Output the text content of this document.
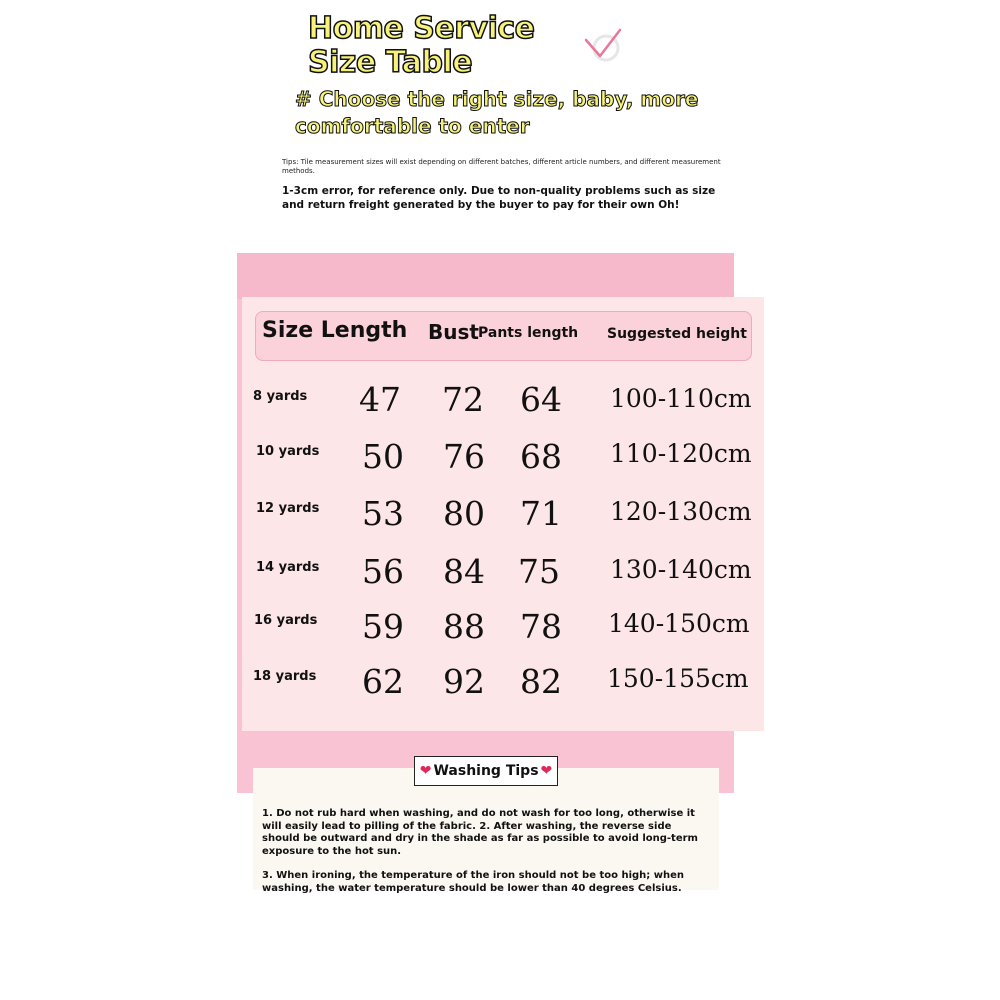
Home Service Size Table
# Choose the right size, baby, more comfortable to enter
Tips: Tile measurement sizes will exist depending on different batches, different article numbers, and different measurement methods.
1-3cm error, for reference only. Due to non-quality problems such as size and return freight generated by the buyer to pay for their own Oh!
Size Length Bust Pants length Suggested height
8 yards 47 72 64 100-110cm
10 yards 50 76 68 110-120cm
12 yards 53 80 71 120-130cm
14 yards 56 84 75 130-140cm
16 yards 59 88 78 140-150cm
18 yards 62 92 82 150-155cm
❤ Washing Tips ❤

1. Do not rub hard when washing, and do not wash for too long, otherwise it will easily lead to pilling of the fabric. 2. After washing, the reverse side should be outward and dry in the shade as far as possible to avoid long-term exposure to the hot sun.

3. When ironing, the temperature of the iron should not be too high; when washing, the water temperature should be lower than 40 degrees Celsius.
